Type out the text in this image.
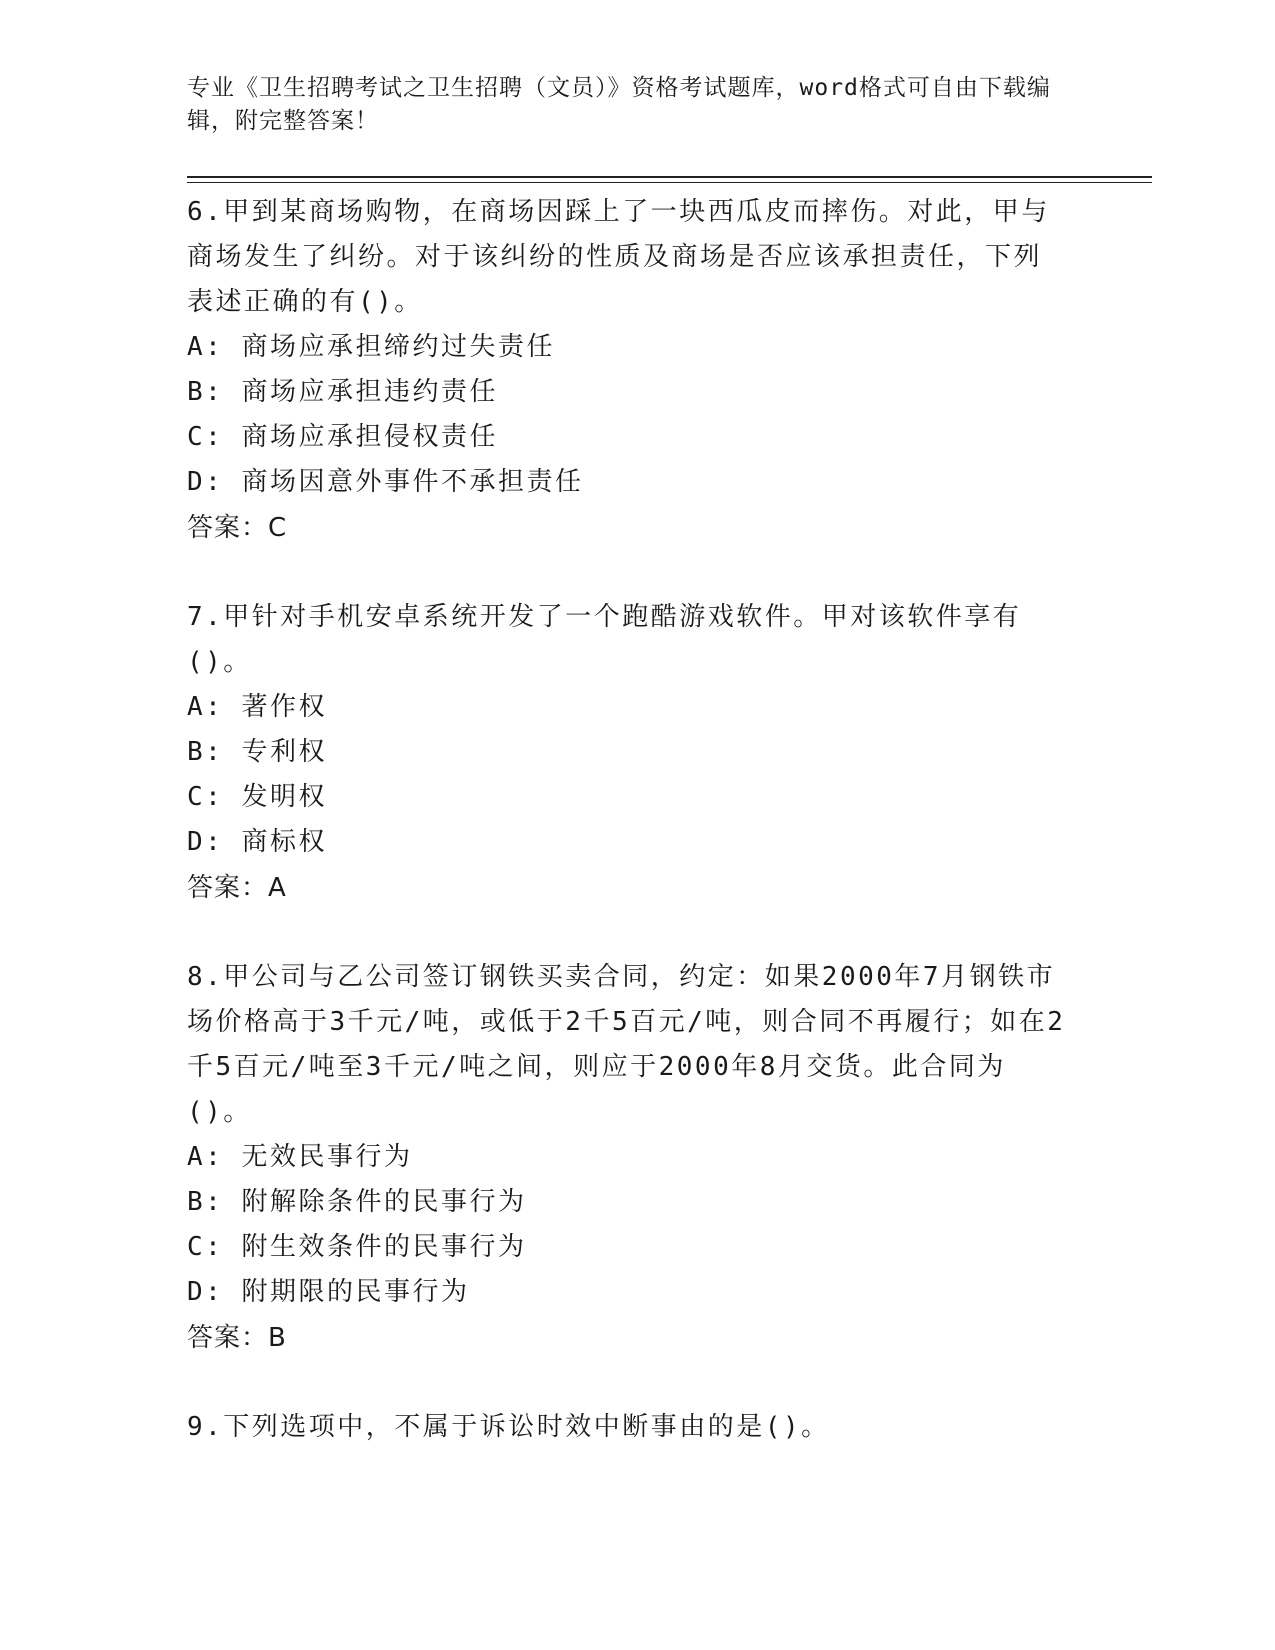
专业《卫生招聘考试之卫生招聘（文员）》资格考试题库，word格式可自由下载编辑，附完整答案！

6.甲到某商场购物，在商场因踩上了一块西瓜皮而摔伤。对此，甲与商场发生了纠纷。对于该纠纷的性质及商场是否应该承担责任，下列表述正确的有()。

A: 商场应承担缔约过失责任

B: 商场应承担违约责任

C: 商场应承担侵权责任

D: 商场因意外事件不承担责任

答案：C

7.甲针对手机安卓系统开发了一个跑酷游戏软件。甲对该软件享有()。

A: 著作权

B: 专利权

C: 发明权

D: 商标权

答案：A

8.甲公司与乙公司签订钢铁买卖合同，约定：如果2000年7月钢铁市场价格高于3千元/吨，或低于2千5百元/吨，则合同不再履行；如在2千5百元/吨至3千元/吨之间，则应于2000年8月交货。此合同为()。

A: 无效民事行为

B: 附解除条件的民事行为

C: 附生效条件的民事行为

D: 附期限的民事行为

答案：B

9.下列选项中，不属于诉讼时效中断事由的是()。
